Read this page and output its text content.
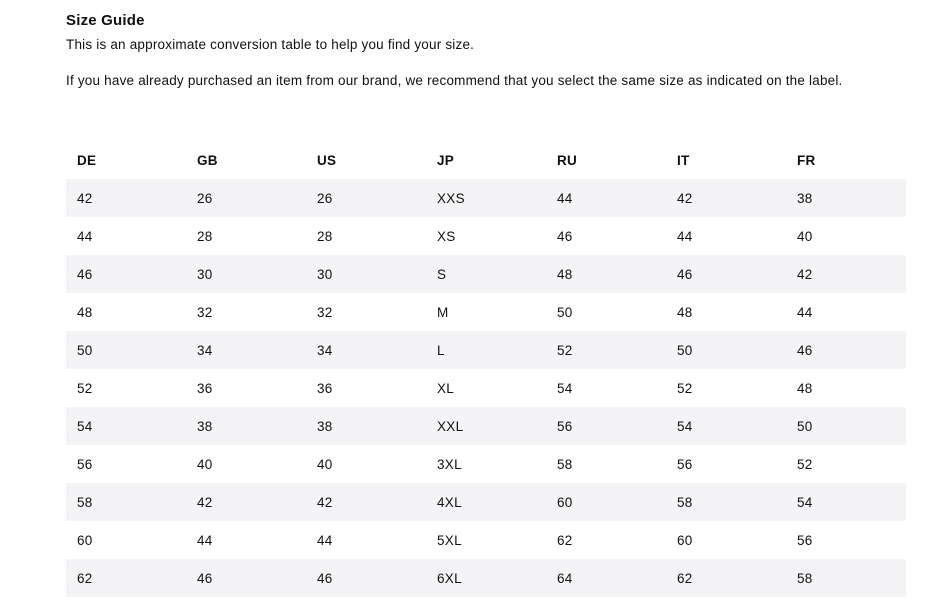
Size Guide
This is an approximate conversion table to help you find your size.
If you have already purchased an item from our brand, we recommend that you select the same size as indicated on the label.
DE	GB	US	JP	RU	IT	FR
42	26	26	XXS	44	42	38
44	28	28	XS	46	44	40
46	30	30	S	48	46	42
48	32	32	M	50	48	44
50	34	34	L	52	50	46
52	36	36	XL	54	52	48
54	38	38	XXL	56	54	50
56	40	40	3XL	58	56	52
58	42	42	4XL	60	58	54
60	44	44	5XL	62	60	56
62	46	46	6XL	64	62	58
